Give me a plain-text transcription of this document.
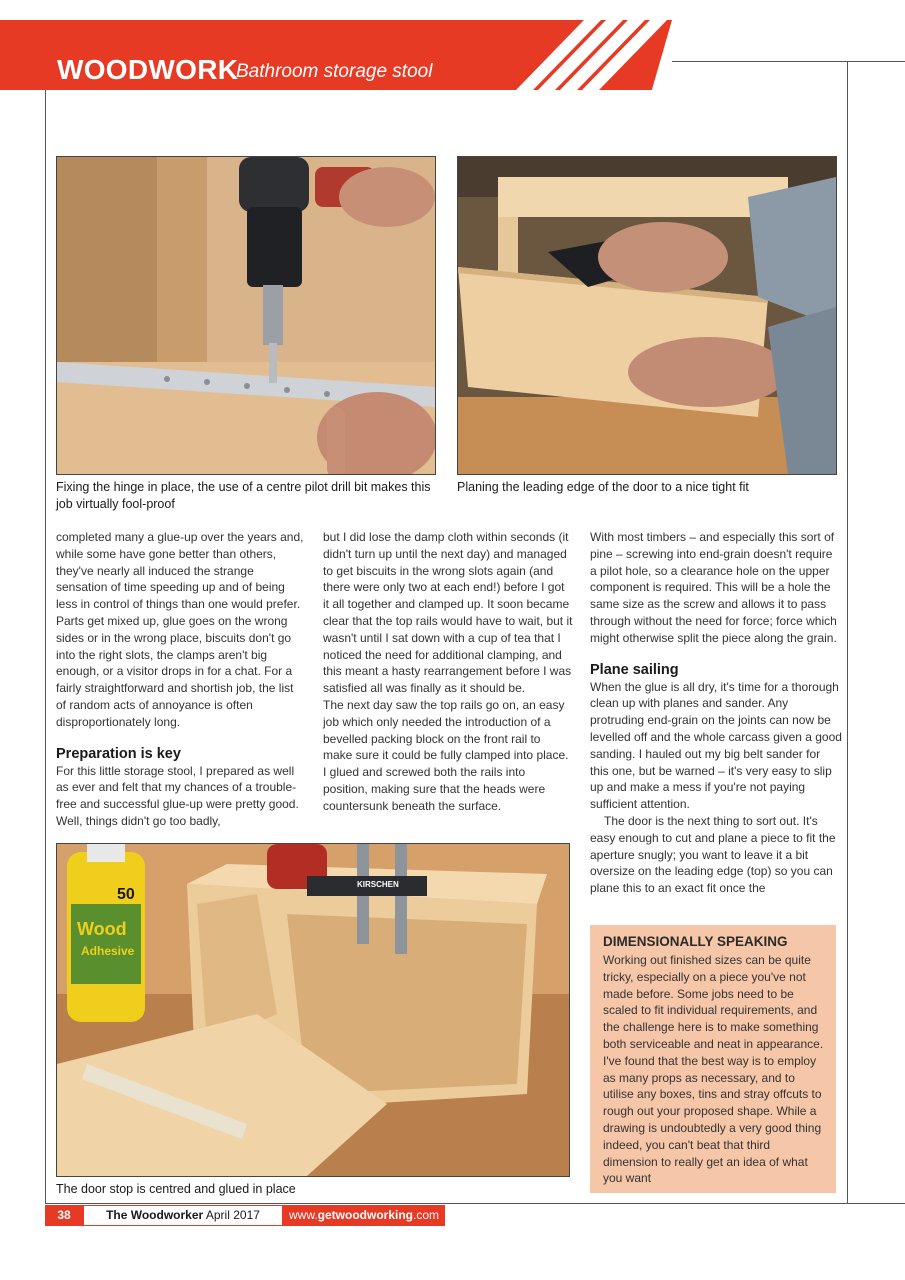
WOODWORK
Bathroom storage stool
Fixing the hinge in place, the use of a centre pilot drill bit makes this job virtually fool-proof
Planing the leading edge of the door to a nice tight fit

completed many a glue-up over the years and, while some have gone better than others, they've nearly all induced the strange sensation of time speeding up and of being less in control of things than one would prefer. Parts get mixed up, glue goes on the wrong sides or in the wrong place, biscuits don't go into the right slots, the clamps aren't big enough, or a visitor drops in for a chat. For a fairly straightforward and shortish job, the list of random acts of annoyance is often disproportionately long.

Preparation is key

For this little storage stool, I prepared as well as ever and felt that my chances of a trouble-free and successful glue-up were pretty good. Well, things didn't go too badly,

but I did lose the damp cloth within seconds (it didn't turn up until the next day) and managed to get biscuits in the wrong slots again (and there were only two at each end!) before I got it all together and clamped up. It soon became clear that the top rails would have to wait, but it wasn't until I sat down with a cup of tea that I noticed the need for additional clamping, and this meant a hasty rearrangement before I was satisfied all was finally as it should be.

The next day saw the top rails go on, an easy job which only needed the introduction of a bevelled packing block on the front rail to make sure it could be fully clamped into place. I glued and screwed both the rails into position, making sure that the heads were countersunk beneath the surface.

With most timbers – and especially this sort of pine – screwing into end-grain doesn't require a pilot hole, so a clearance hole on the upper component is required. This will be a hole the same size as the screw and allows it to pass through without the need for force; force which might otherwise split the piece along the grain.

Plane sailing

When the glue is all dry, it's time for a thorough clean up with planes and sander. Any protruding end-grain on the joints can now be levelled off and the whole carcass given a good sanding. I hauled out my big belt sander for this one, but be warned – it's very easy to slip up and make a mess if you're not paying sufficient attention.

The door is the next thing to sort out. It's easy enough to cut and plane a piece to fit the aperture snugly; you want to leave it a bit oversize on the leading edge (top) so you can plane this to an exact fit once the

50
Wood
Adhesive
KIRSCHEN
The door stop is centred and glued in place
DIMENSIONALLY SPEAKING
Working out finished sizes can be quite tricky, especially on a piece you've not made before. Some jobs need to be scaled to fit individual requirements, and the challenge here is to make something both serviceable and neat in appearance. I've found that the best way is to employ as many props as necessary, and to utilise any boxes, tins and stray offcuts to rough out your proposed shape. While a drawing is undoubtedly a very good thing indeed, you can't beat that third dimension to really get an idea of what you want
38	The Woodworker April 2017	www.getwoodworking.com
